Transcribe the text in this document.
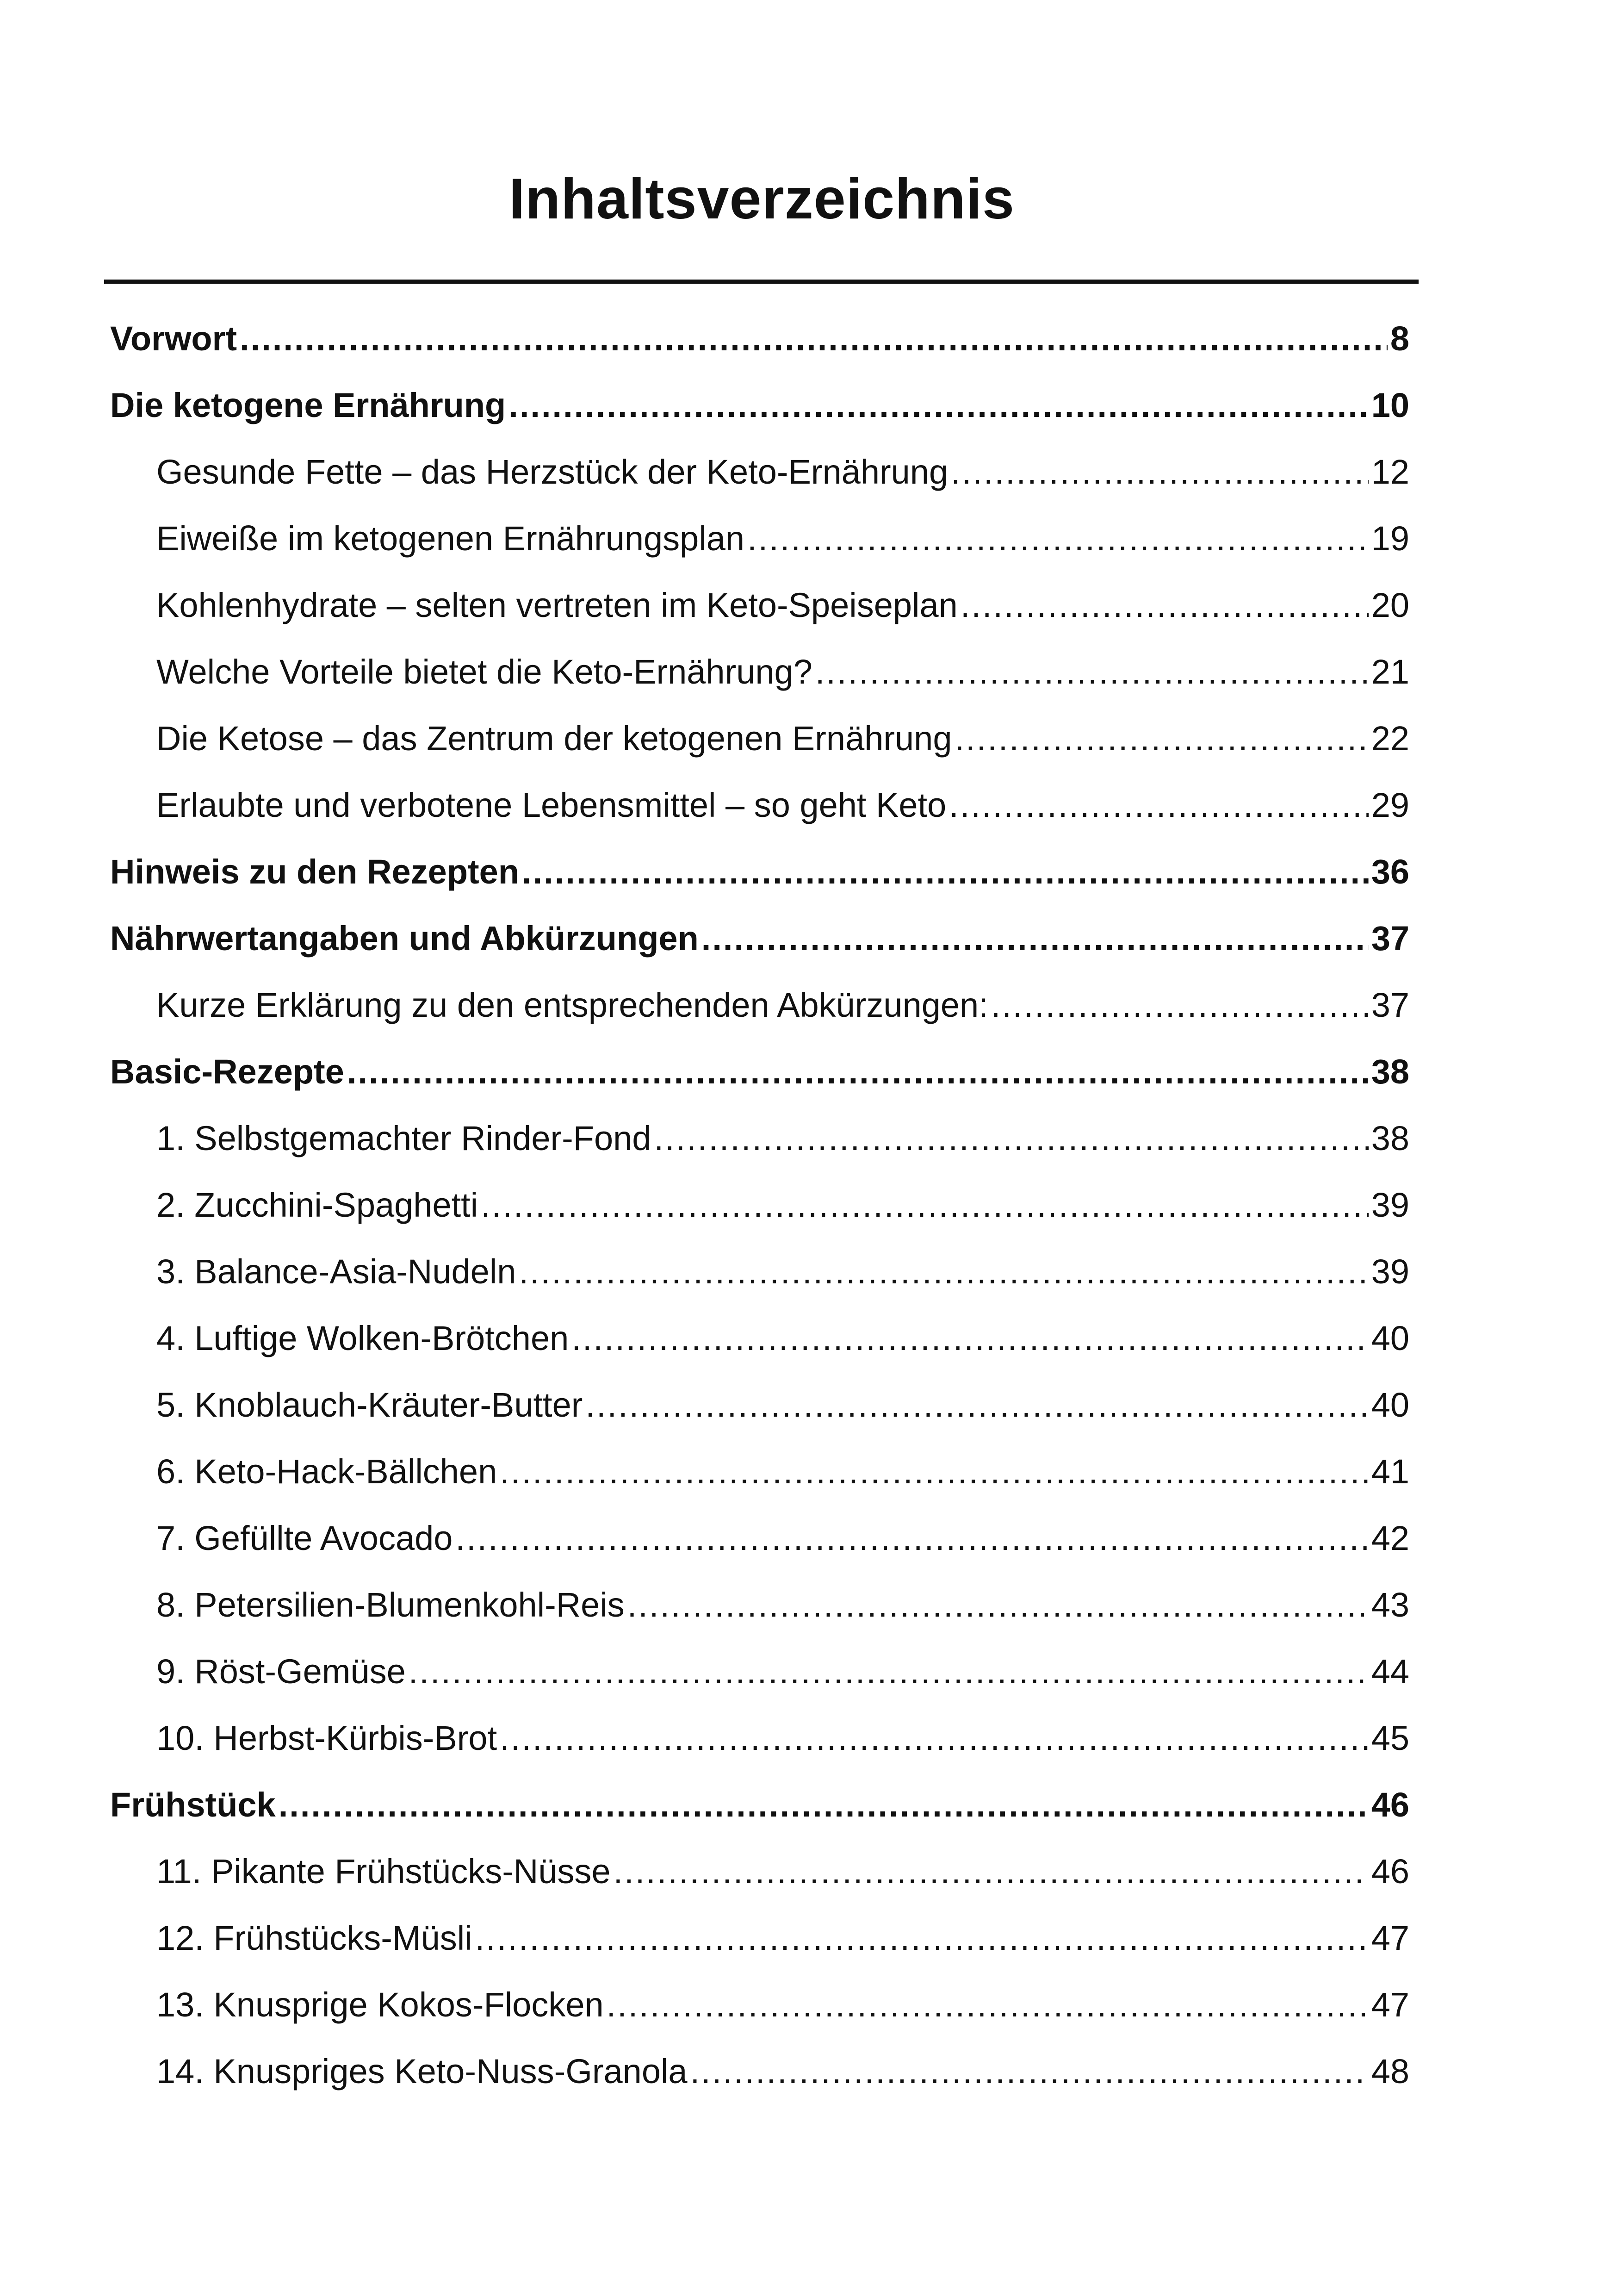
Inhaltsverzeichnis
Vorwort .....	8
Die ketogene Ernährung .....	10
Gesunde Fette – das Herzstück der Keto-Ernährung .....	12
Eiweiße im ketogenen Ernährungsplan .....	19
Kohlenhydrate – selten vertreten im Keto-Speiseplan .....	20
Welche Vorteile bietet die Keto-Ernährung? .....	21
Die Ketose – das Zentrum der ketogenen Ernährung .....	22
Erlaubte und verbotene Lebensmittel – so geht Keto .....	29
Hinweis zu den Rezepten .....	36
Nährwertangaben und Abkürzungen .....	37
Kurze Erklärung zu den entsprechenden Abkürzungen: .....	37
Basic-Rezepte .....	38
1. Selbstgemachter Rinder-Fond .....	38
2. Zucchini-Spaghetti .....	39
3. Balance-Asia-Nudeln .....	39
4. Luftige Wolken-Brötchen .....	40
5. Knoblauch-Kräuter-Butter .....	40
6. Keto-Hack-Bällchen .....	41
7. Gefüllte Avocado .....	42
8. Petersilien-Blumenkohl-Reis .....	43
9. Röst-Gemüse .....	44
10. Herbst-Kürbis-Brot .....	45
Frühstück .....	46
11. Pikante Frühstücks-Nüsse .....	46
12. Frühstücks-Müsli .....	47
13. Knusprige Kokos-Flocken .....	47
14. Knuspriges Keto-Nuss-Granola .....	48
